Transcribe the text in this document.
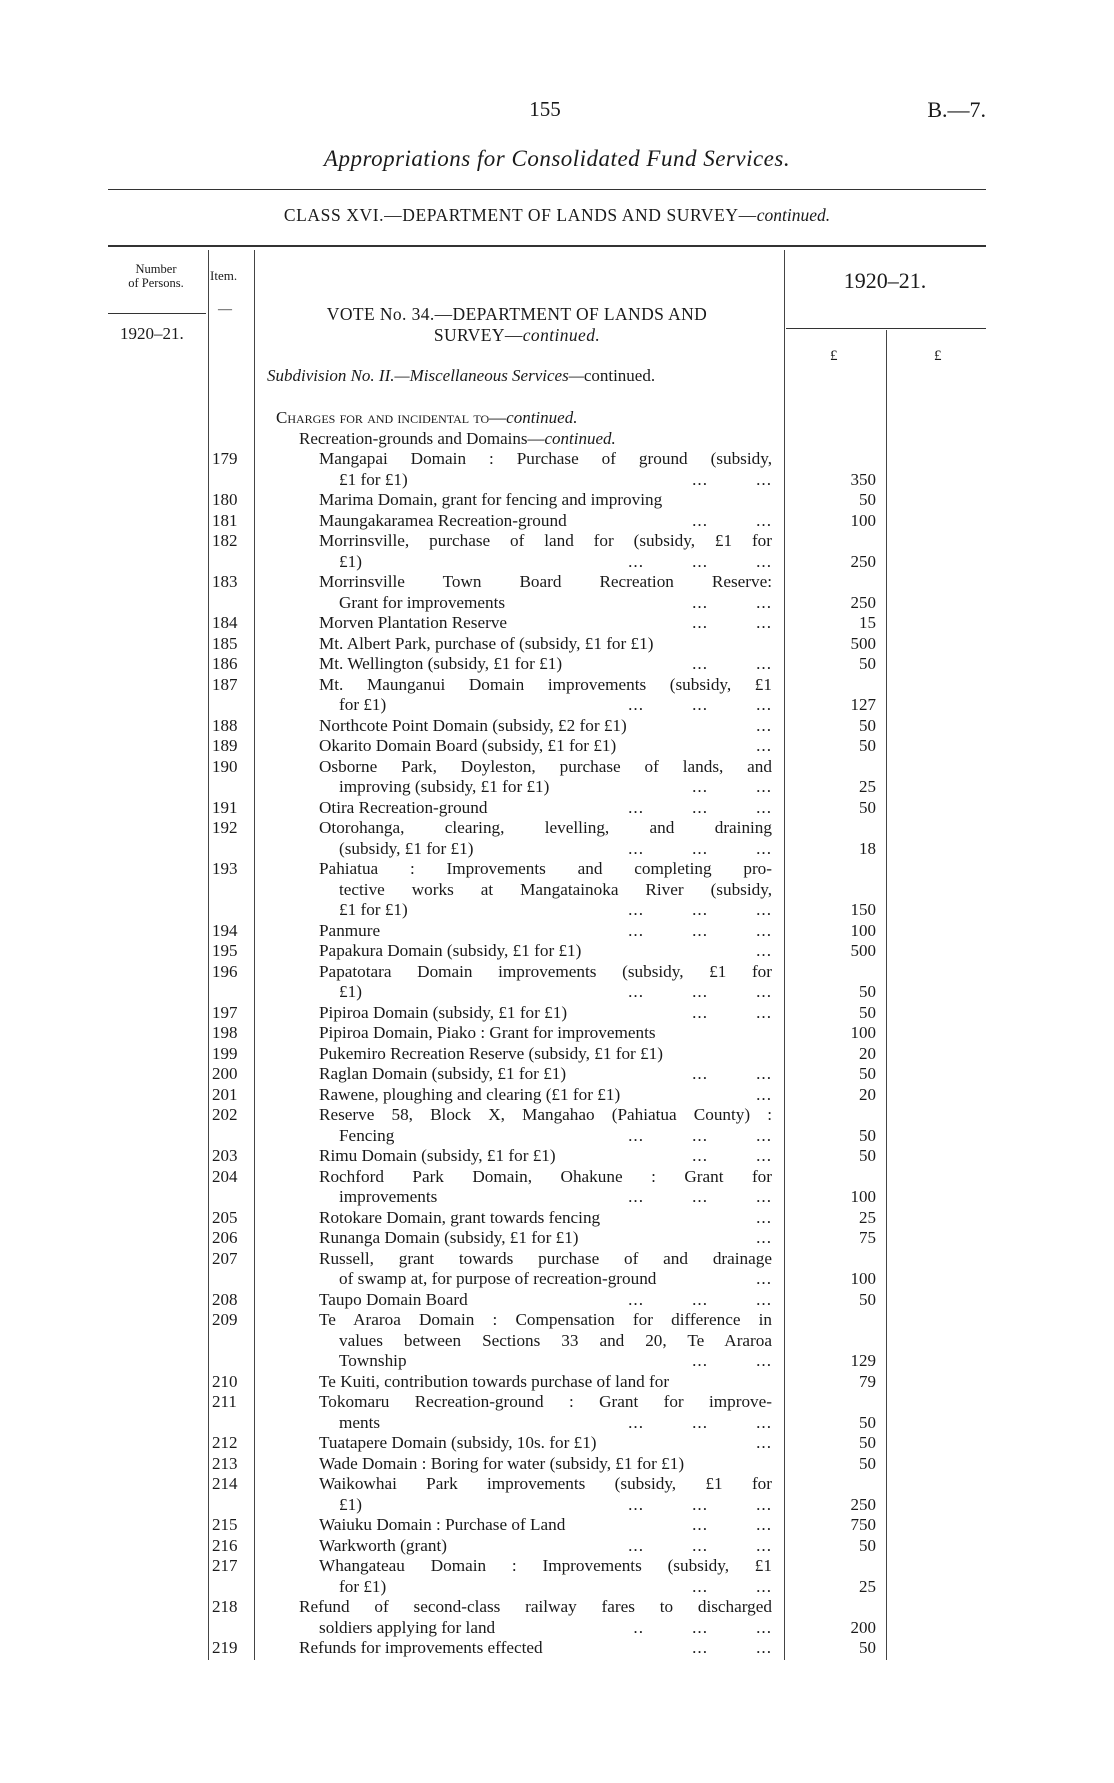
155	B.—7.
Appropriations for Consolidated Fund Services.
CLASS XVI.—DEPARTMENT OF LANDS AND SURVEY—continued.
Number
of Persons.
1920–21.
Item.
—	VOTE No. 34.—DEPARTMENT OF LANDS AND
SURVEY—continued.
Subdivision No. II.—Miscellaneous Services—continued.
1920–21.
£	£
Charges for and incidental to—continued.
Recreation-grounds and Domains—continued.
179	Mangapai Domain : Purchase of ground (subsidy,
£1 for £1)	...	...	350
180	Marima Domain, grant for fencing and improving	50
181	Maungakaramea Recreation-ground	...	...	100
182	Morrinsville, purchase of land for (subsidy, £1 for
£1)	...	...	...	250
183	Morrinsville Town Board Recreation Reserve:
Grant for improvements	...	...	250
184	Morven Plantation Reserve	...	...	15
185	Mt. Albert Park, purchase of (subsidy, £1 for £1)	500
186	Mt. Wellington (subsidy, £1 for £1)	...	...	50
187	Mt. Maunganui Domain improvements (subsidy, £1
for £1)	...	...	...	127
188	Northcote Point Domain (subsidy, £2 for £1)	...	50
189	Okarito Domain Board (subsidy, £1 for £1)	...	50
190	Osborne Park, Doyleston, purchase of lands, and
improving (subsidy, £1 for £1)	...	...	25
191	Otira Recreation-ground	...	...	...	50
192	Otorohanga, clearing, levelling, and draining
(subsidy, £1 for £1)	...	...	...	18
193	Pahiatua : Improvements and completing pro-
tective works at Mangatainoka River (subsidy,
£1 for £1)	...	...	...	150
194	Panmure	...	...	...	100
195	Papakura Domain (subsidy, £1 for £1)	...	500
196	Papatotara Domain improvements (subsidy, £1 for
£1)	...	...	...	50
197	Pipiroa Domain (subsidy, £1 for £1)	...	...	50
198	Pipiroa Domain, Piako : Grant for improvements	100
199	Pukemiro Recreation Reserve (subsidy, £1 for £1)	20
200	Raglan Domain (subsidy, £1 for £1)	...	...	50
201	Rawene, ploughing and clearing (£1 for £1)	...	20
202	Reserve 58, Block X, Mangahao (Pahiatua County) :
Fencing	...	...	...	50
203	Rimu Domain (subsidy, £1 for £1)	...	...	50
204	Rochford Park Domain, Ohakune : Grant for
improvements	...	...	...	100
205	Rotokare Domain, grant towards fencing	...	25
206	Runanga Domain (subsidy, £1 for £1)	...	75
207	Russell, grant towards purchase of and drainage
of swamp at, for purpose of recreation-ground	...	100
208	Taupo Domain Board	...	...	...	50
209	Te Araroa Domain : Compensation for difference in
values between Sections 33 and 20, Te Araroa
Township	...	...	129
210	Te Kuiti, contribution towards purchase of land for	79
211	Tokomaru Recreation-ground : Grant for improve-
ments	...	...	...	50
212	Tuatapere Domain (subsidy, 10s. for £1)	...	50
213	Wade Domain : Boring for water (subsidy, £1 for £1)	50
214	Waikowhai Park improvements (subsidy, £1 for
£1)	...	...	...	250
215	Waiuku Domain : Purchase of Land	...	...	750
216	Warkworth (grant)	...	...	...	50
217	Whangateau Domain : Improvements (subsidy, £1
for £1)	...	...	25
218	Refund of second-class railway fares to discharged
soldiers applying for land	..	...	...	200
219	Refunds for improvements effected	...	...	50
